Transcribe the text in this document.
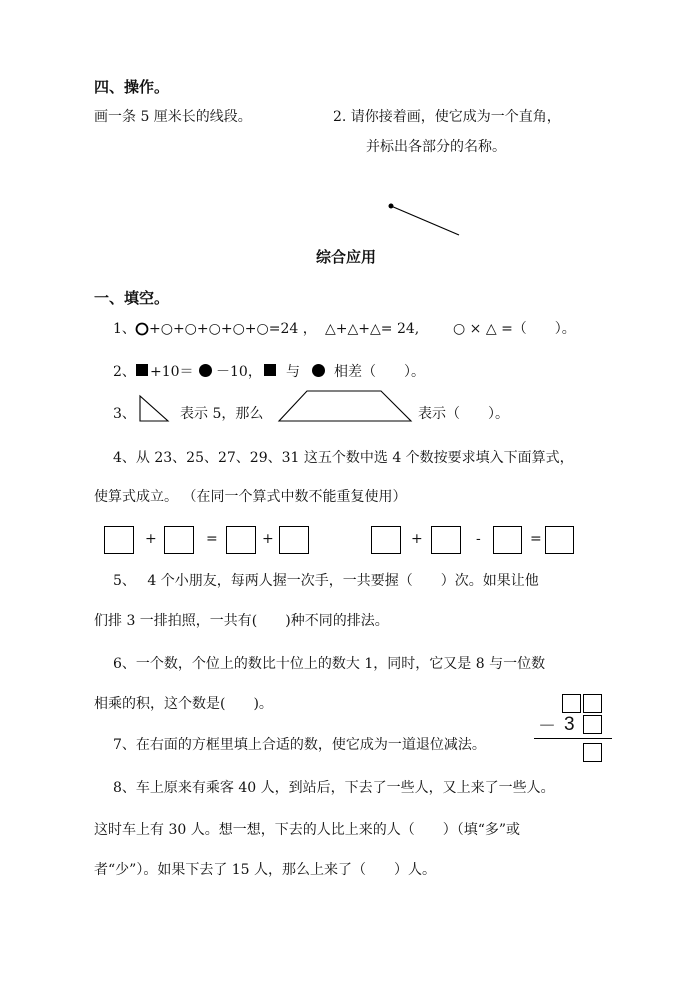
四、操作。
画一条 5 厘米长的线段。	2. 请你接着画，使它成为一个直角，
并标出各部分的名称。
综合应用
一、填空。
1、 +○+○+○+○+○=24 ， △+△+△= 24, ○ × △ =（　　）。
2、 +10＝ －10， 与 相差（　　）。
3、	表示 5，那么	表示（　　）。
4、从 23、25、27、29、31 这五个数中选 4 个数按要求填入下面算式，
使算式成立。 （在同一个算式中数不能重复使用）
+	=	+	+	-	=
5、　 4 个小朋友，每两人握一次手，一共要握（　　）次。如果让他
们排 3 一排拍照，一共有(　　)种不同的排法。
6、一个数，个位上的数比十位上的数大 1，同时，它又是 8 与一位数
相乘的积，这个数是(　　)。
7、在右面的方框里填上合适的数，使它成为一道退位减法。
－ 3
8、车上原来有乘客 40 人，到站后，下去了一些人，又上来了一些人。
这时车上有 30 人。想一想，下去的人比上来的人（　　）（填“多”或
者“少”）。如果下去了 15 人，那么上来了（　　）人。
